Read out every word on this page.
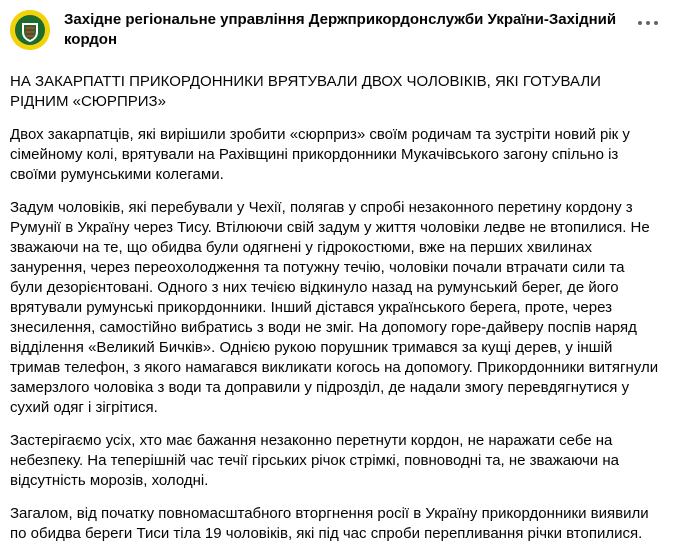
Західне регіональне управління Держприкордонслужби України-Західний кордон

НА ЗАКАРПАТТІ ПРИКОРДОННИКИ ВРЯТУВАЛИ ДВОХ ЧОЛОВІКІВ, ЯКІ ГОТУВАЛИ РІДНИМ «СЮРПРИЗ»

Двох закарпатців, які вирішили зробити «сюрприз» своїм родичам та зустріти новий рік у сімейному колі, врятували на Рахівщині прикордонники Мукачівського загону спільно із своїми румунськими колегами.

Задум чоловіків, які перебували у Чехії, полягав у спробі незаконного перетину кордону з Румунії в Україну через Тису. Втілюючи свій задум у життя чоловіки ледве не втопилися. Не зважаючи на те, що обидва були одягнені у гідрокостюми, вже на перших хвилинах занурення, через переохолодження та потужну течію, чоловіки почали втрачати сили та були дезорієнтовані. Одного з них течією відкинуло назад на румунський берег, де його врятували румунські прикордонники. Інший дістався українського берега, проте, через знесилення, самостійно вибратись з води не зміг. На допомогу горе-дайверу поспів наряд відділення «Великий Бичків». Однією рукою порушник тримався за кущі дерев, у іншій тримав телефон, з якого намагався викликати когось на допомогу. Прикордонники витягнули замерзлого чоловіка з води та доправили у підрозділ, де надали змогу перевдягнутися у сухий одяг і зігрітися.

Застерігаємо усіх, хто має бажання незаконно перетнути кордон, не наражати себе на небезпеку. На теперішній час течії гірських річок стрімкі, повноводні та, не зважаючи на відсутність морозів, холодні.

Загалом, від початку повномасштабного вторгнення росії в Україну прикордонники виявили по обидва береги Тиси тіла 19 чоловіків, які під час спроби перепливання річки втопилися.
